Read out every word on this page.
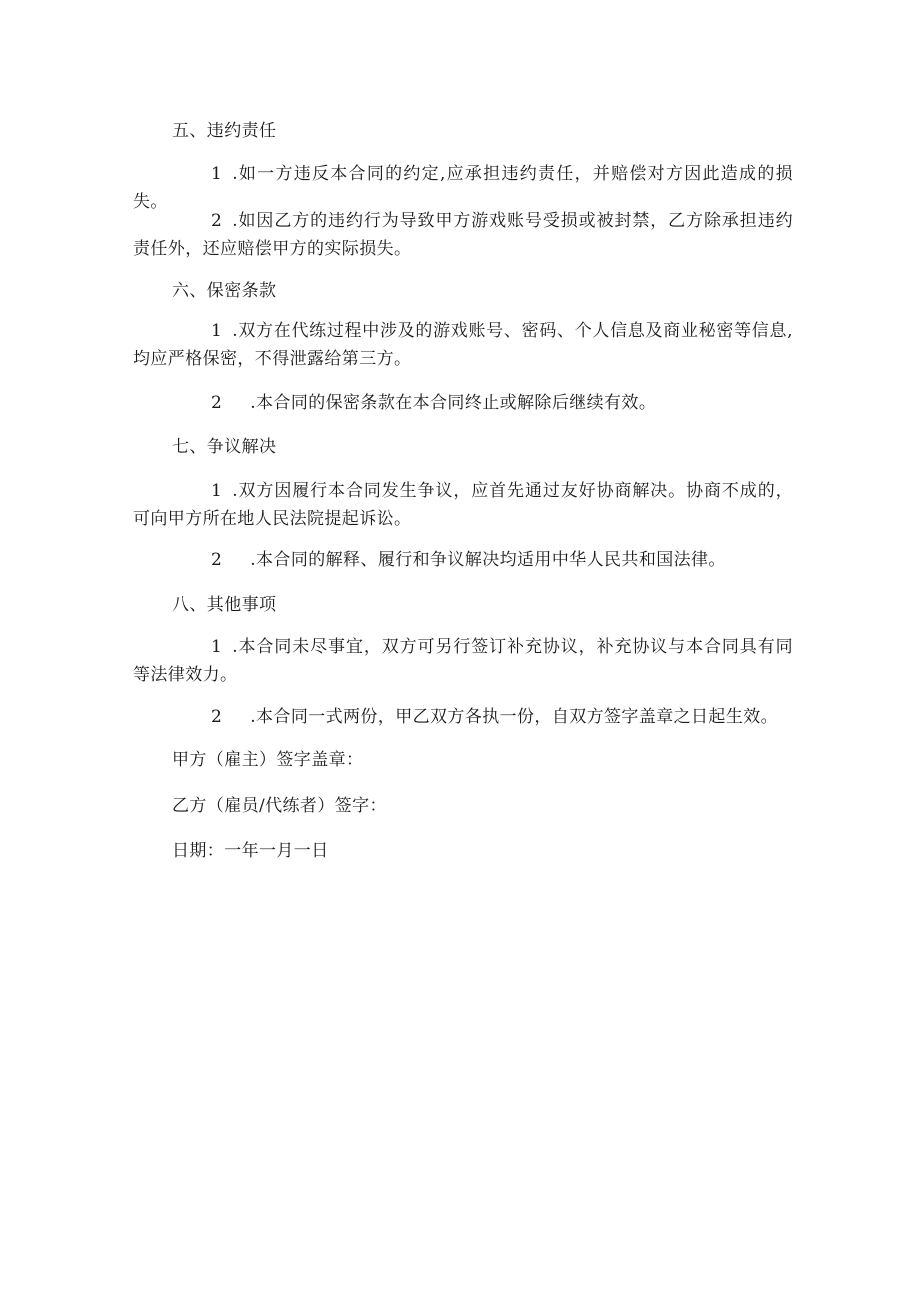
五、违约责任
1 .如一方违反本合同的约定,应承担违约责任，并赔偿对方因此造成的损失。
2 .如因乙方的违约行为导致甲方游戏账号受损或被封禁，乙方除承担违约责任外，还应赔偿甲方的实际损失。
六、保密条款
1 .双方在代练过程中涉及的游戏账号、密码、个人信息及商业秘密等信息,均应严格保密，不得泄露给第三方。
2 .本合同的保密条款在本合同终止或解除后继续有效。
七、争议解决
1 .双方因履行本合同发生争议，应首先通过友好协商解决。协商不成的，可向甲方所在地人民法院提起诉讼。
2 .本合同的解释、履行和争议解决均适用中华人民共和国法律。
八、其他事项
1 .本合同未尽事宜，双方可另行签订补充协议，补充协议与本合同具有同等法律效力。
2 .本合同一式两份，甲乙双方各执一份，自双方签字盖章之日起生效。
甲方（雇主）签字盖章：
乙方（雇员/代练者）签字：
日期：一年一月一日
